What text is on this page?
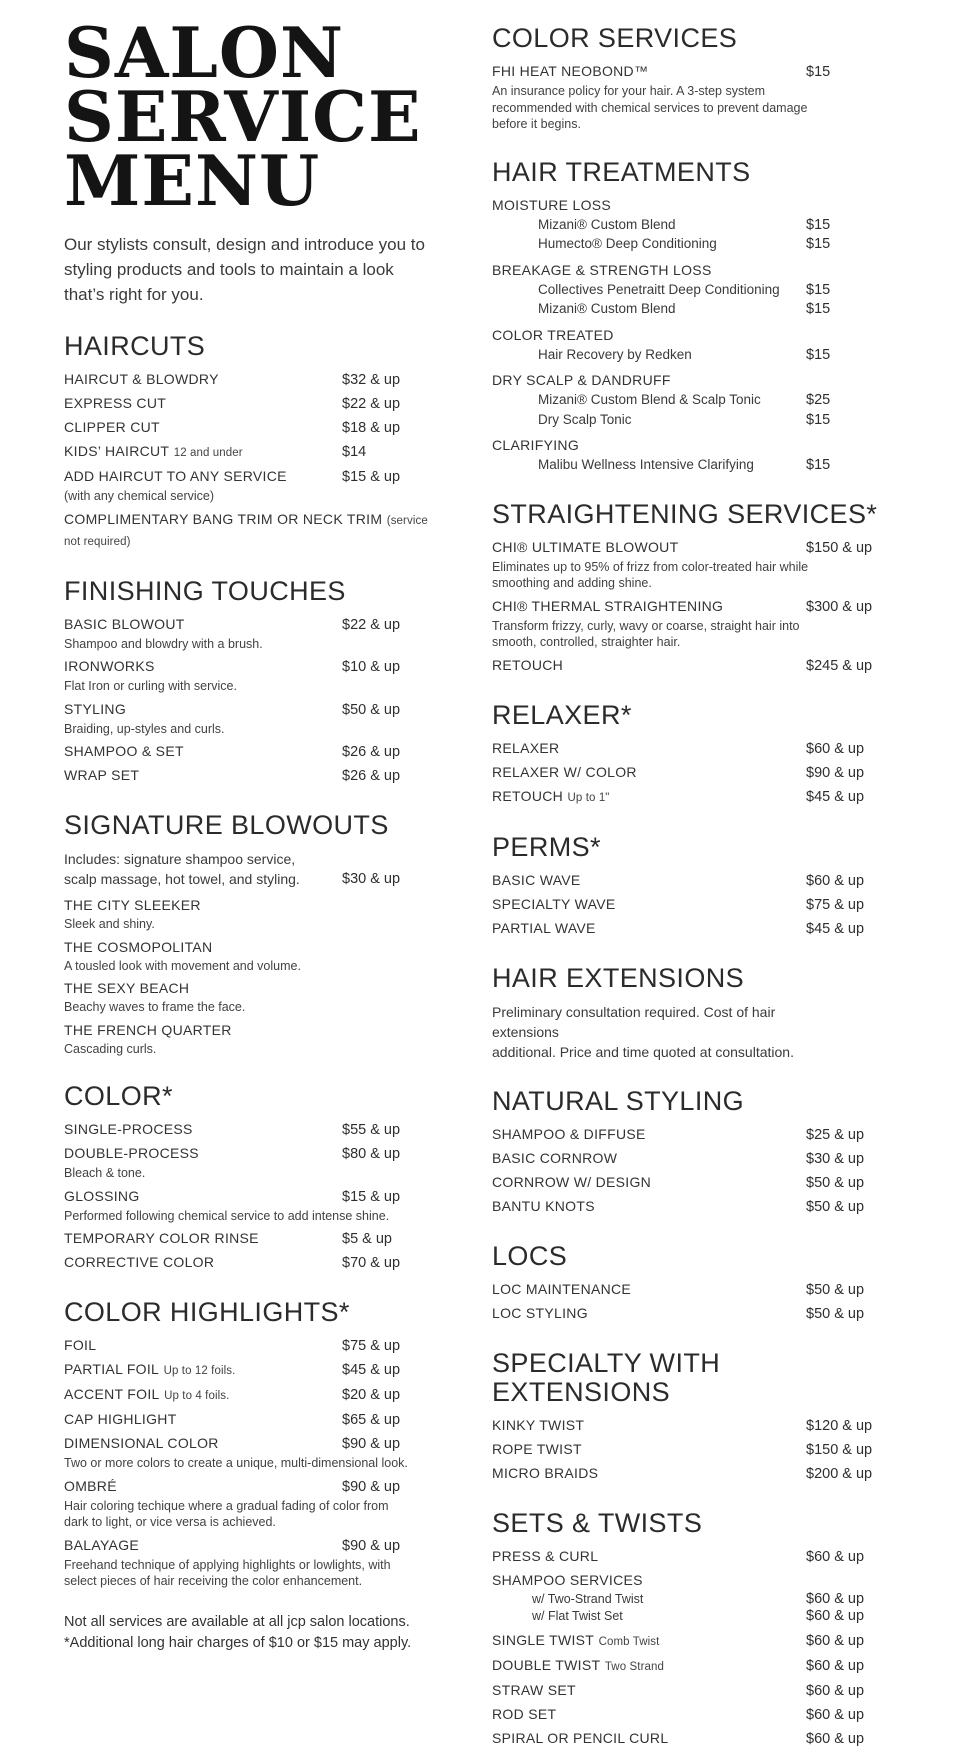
SALON
SERVICE
MENU
Our stylists consult, design and introduce you to styling products and tools to maintain a look that’s right for you.
HAIRCUTS
HAIRCUT & BLOWDRY	$32 & up
EXPRESS CUT	$22 & up
CLIPPER CUT	$18 & up
KIDS’ HAIRCUT 12 and under	$14
ADD HAIRCUT TO ANY SERVICE	$15 & up
(with any chemical service)
COMPLIMENTARY BANG TRIM OR NECK TRIM (service not required)
FINISHING TOUCHES
BASIC BLOWOUT	$22 & up
Shampoo and blowdry with a brush.
IRONWORKS	$10 & up
Flat Iron or curling with service.
STYLING	$50 & up
Braiding, up-styles and curls.
SHAMPOO & SET	$26 & up
WRAP SET	$26 & up
SIGNATURE BLOWOUTS
Includes: signature shampoo service,
scalp massage, hot towel, and styling.	$30 & up
THE CITY SLEEKER
Sleek and shiny.
THE COSMOPOLITAN
A tousled look with movement and volume.
THE SEXY BEACH
Beachy waves to frame the face.
THE FRENCH QUARTER
Cascading curls.
COLOR*
SINGLE-PROCESS	$55 & up
DOUBLE-PROCESS	$80 & up
Bleach & tone.
GLOSSING	$15 & up
Performed following chemical service to add intense shine.
TEMPORARY COLOR RINSE	$5 & up
CORRECTIVE COLOR	$70 & up
COLOR HIGHLIGHTS*
FOIL	$75 & up
PARTIAL FOIL Up to 12 foils.	$45 & up
ACCENT FOIL Up to 4 foils.	$20 & up
CAP HIGHLIGHT	$65 & up
DIMENSIONAL COLOR	$90 & up
Two or more colors to create a unique, multi-dimensional look.
OMBRÉ	$90 & up
Hair coloring techique where a gradual fading of color from dark to light, or vice versa is achieved.
BALAYAGE	$90 & up
Freehand technique of applying highlights or lowlights, with select pieces of hair receiving the color enhancement.
Not all services are available at all jcp salon locations.
*Additional long hair charges of $10 or $15 may apply.
COLOR SERVICES
FHI HEAT NEOBOND™	$15
An insurance policy for your hair. A 3-step system recommended with chemical services to prevent damage before it begins.
HAIR TREATMENTS
MOISTURE LOSS
Mizani® Custom Blend	$15
Humecto® Deep Conditioning	$15
BREAKAGE & STRENGTH LOSS
Collectives Penetraitt Deep Conditioning	$15
Mizani® Custom Blend	$15
COLOR TREATED
Hair Recovery by Redken	$15
DRY SCALP & DANDRUFF
Mizani® Custom Blend & Scalp Tonic	$25
Dry Scalp Tonic	$15
CLARIFYING
Malibu Wellness Intensive Clarifying	$15
STRAIGHTENING SERVICES*
CHI® ULTIMATE BLOWOUT	$150 & up
Eliminates up to 95% of frizz from color-treated hair while smoothing and adding shine.
CHI® THERMAL STRAIGHTENING	$300 & up
Transform frizzy, curly, wavy or coarse, straight hair into smooth, controlled, straighter hair.
RETOUCH	$245 & up
RELAXER*
RELAXER	$60 & up
RELAXER W/ COLOR	$90 & up
RETOUCH Up to 1"	$45 & up
PERMS*
BASIC WAVE	$60 & up
SPECIALTY WAVE	$75 & up
PARTIAL WAVE	$45 & up
HAIR EXTENSIONS
Preliminary consultation required. Cost of hair extensions
additional. Price and time quoted at consultation.
NATURAL STYLING
SHAMPOO & DIFFUSE	$25 & up
BASIC CORNROW	$30 & up
CORNROW W/ DESIGN	$50 & up
BANTU KNOTS	$50 & up
LOCS
LOC MAINTENANCE	$50 & up
LOC STYLING	$50 & up
SPECIALTY WITH EXTENSIONS
KINKY TWIST	$120 & up
ROPE TWIST	$150 & up
MICRO BRAIDS	$200 & up
SETS & TWISTS
PRESS & CURL	$60 & up
SHAMPOO SERVICES
w/ Two-Strand Twist	$60 & up
w/ Flat Twist Set	$60 & up
SINGLE TWIST Comb Twist	$60 & up
DOUBLE TWIST Two Strand	$60 & up
STRAW SET	$60 & up
ROD SET	$60 & up
SPIRAL OR PENCIL CURL	$60 & up
